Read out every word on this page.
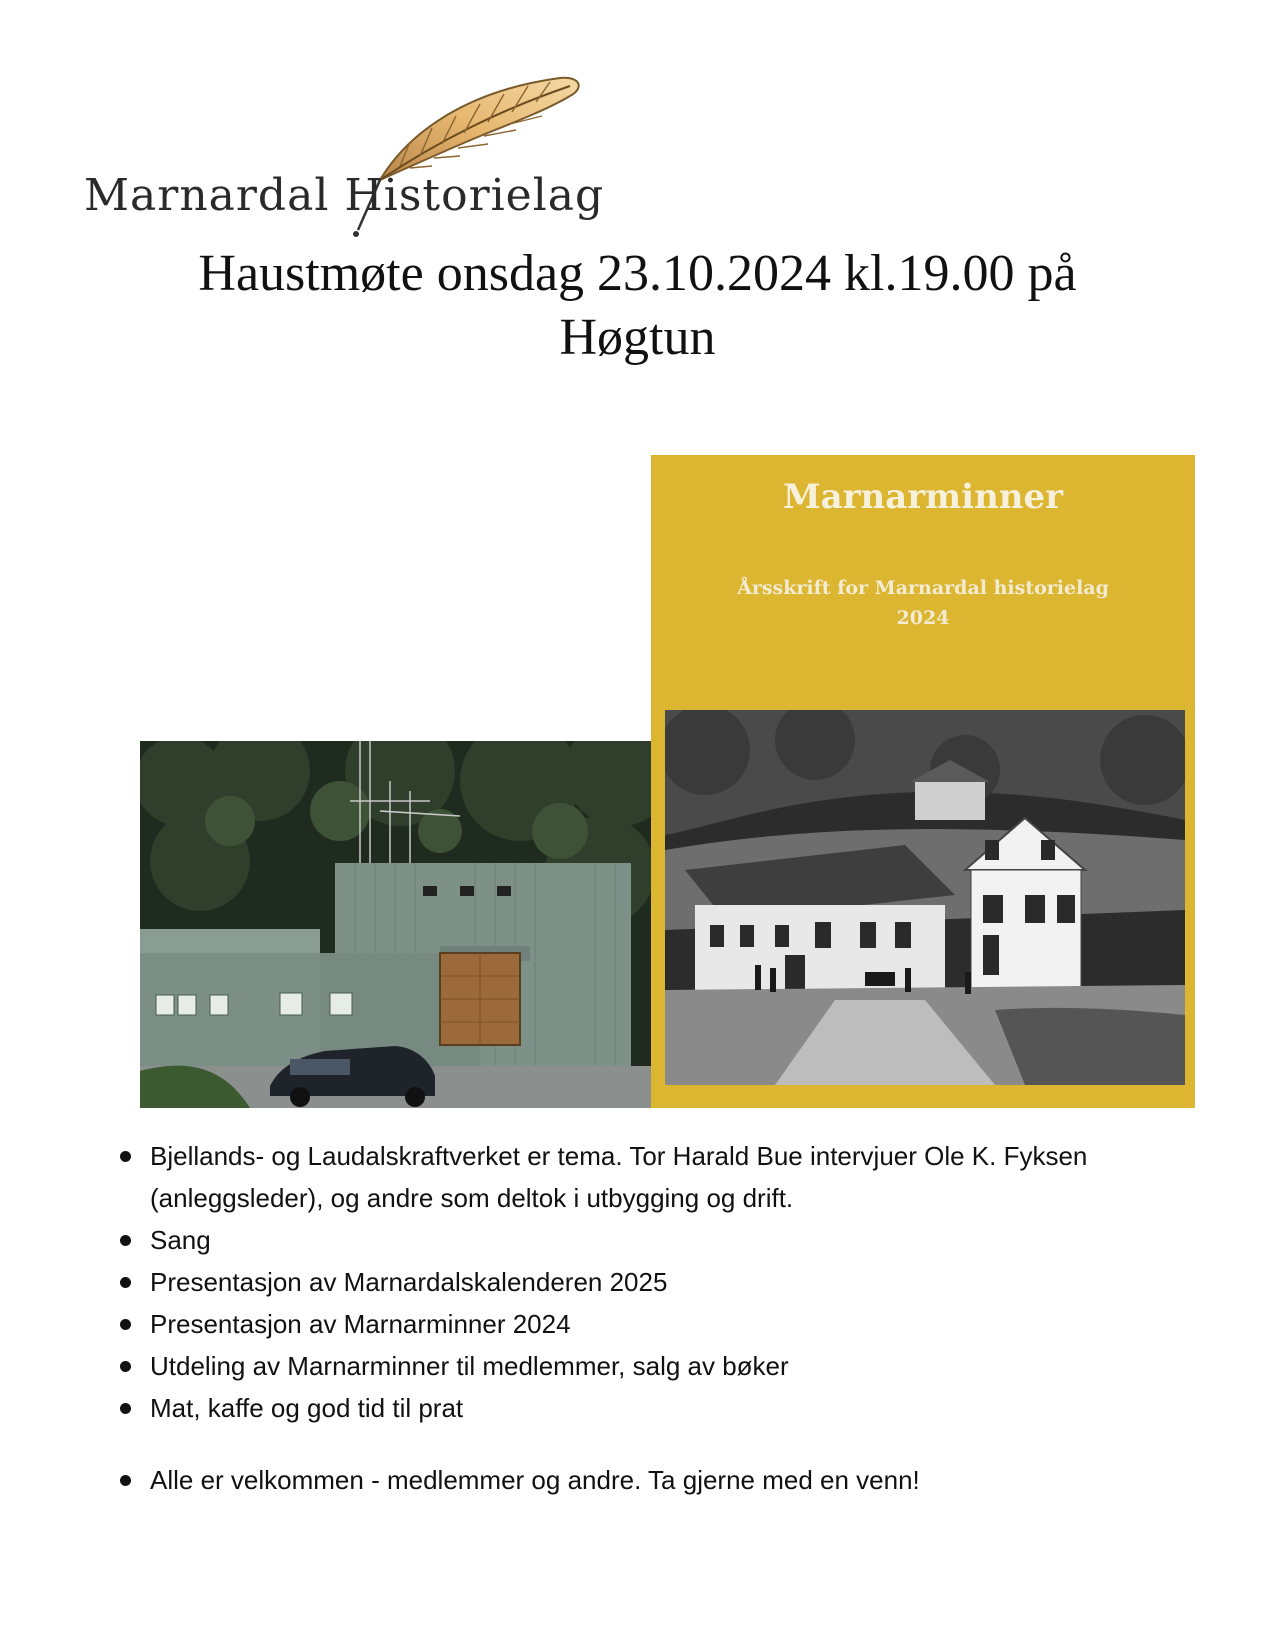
Marnardal Historielag
Haustmøte onsdag 23.10.2024 kl.19.00 på
Høgtun
Marnarminner
Årsskrift for Marnardal historielag
2024
Bjellands- og Laudalskraftverket er tema. Tor Harald Bue intervjuer Ole K. Fyksen (anleggsleder), og andre som deltok i utbygging og drift.
Sang
Presentasjon av Marnardalskalenderen 2025
Presentasjon av Marnarminner 2024
Utdeling av Marnarminner til medlemmer, salg av bøker
Mat, kaffe og god tid til prat
Alle er velkommen - medlemmer og andre. Ta gjerne med en venn!
